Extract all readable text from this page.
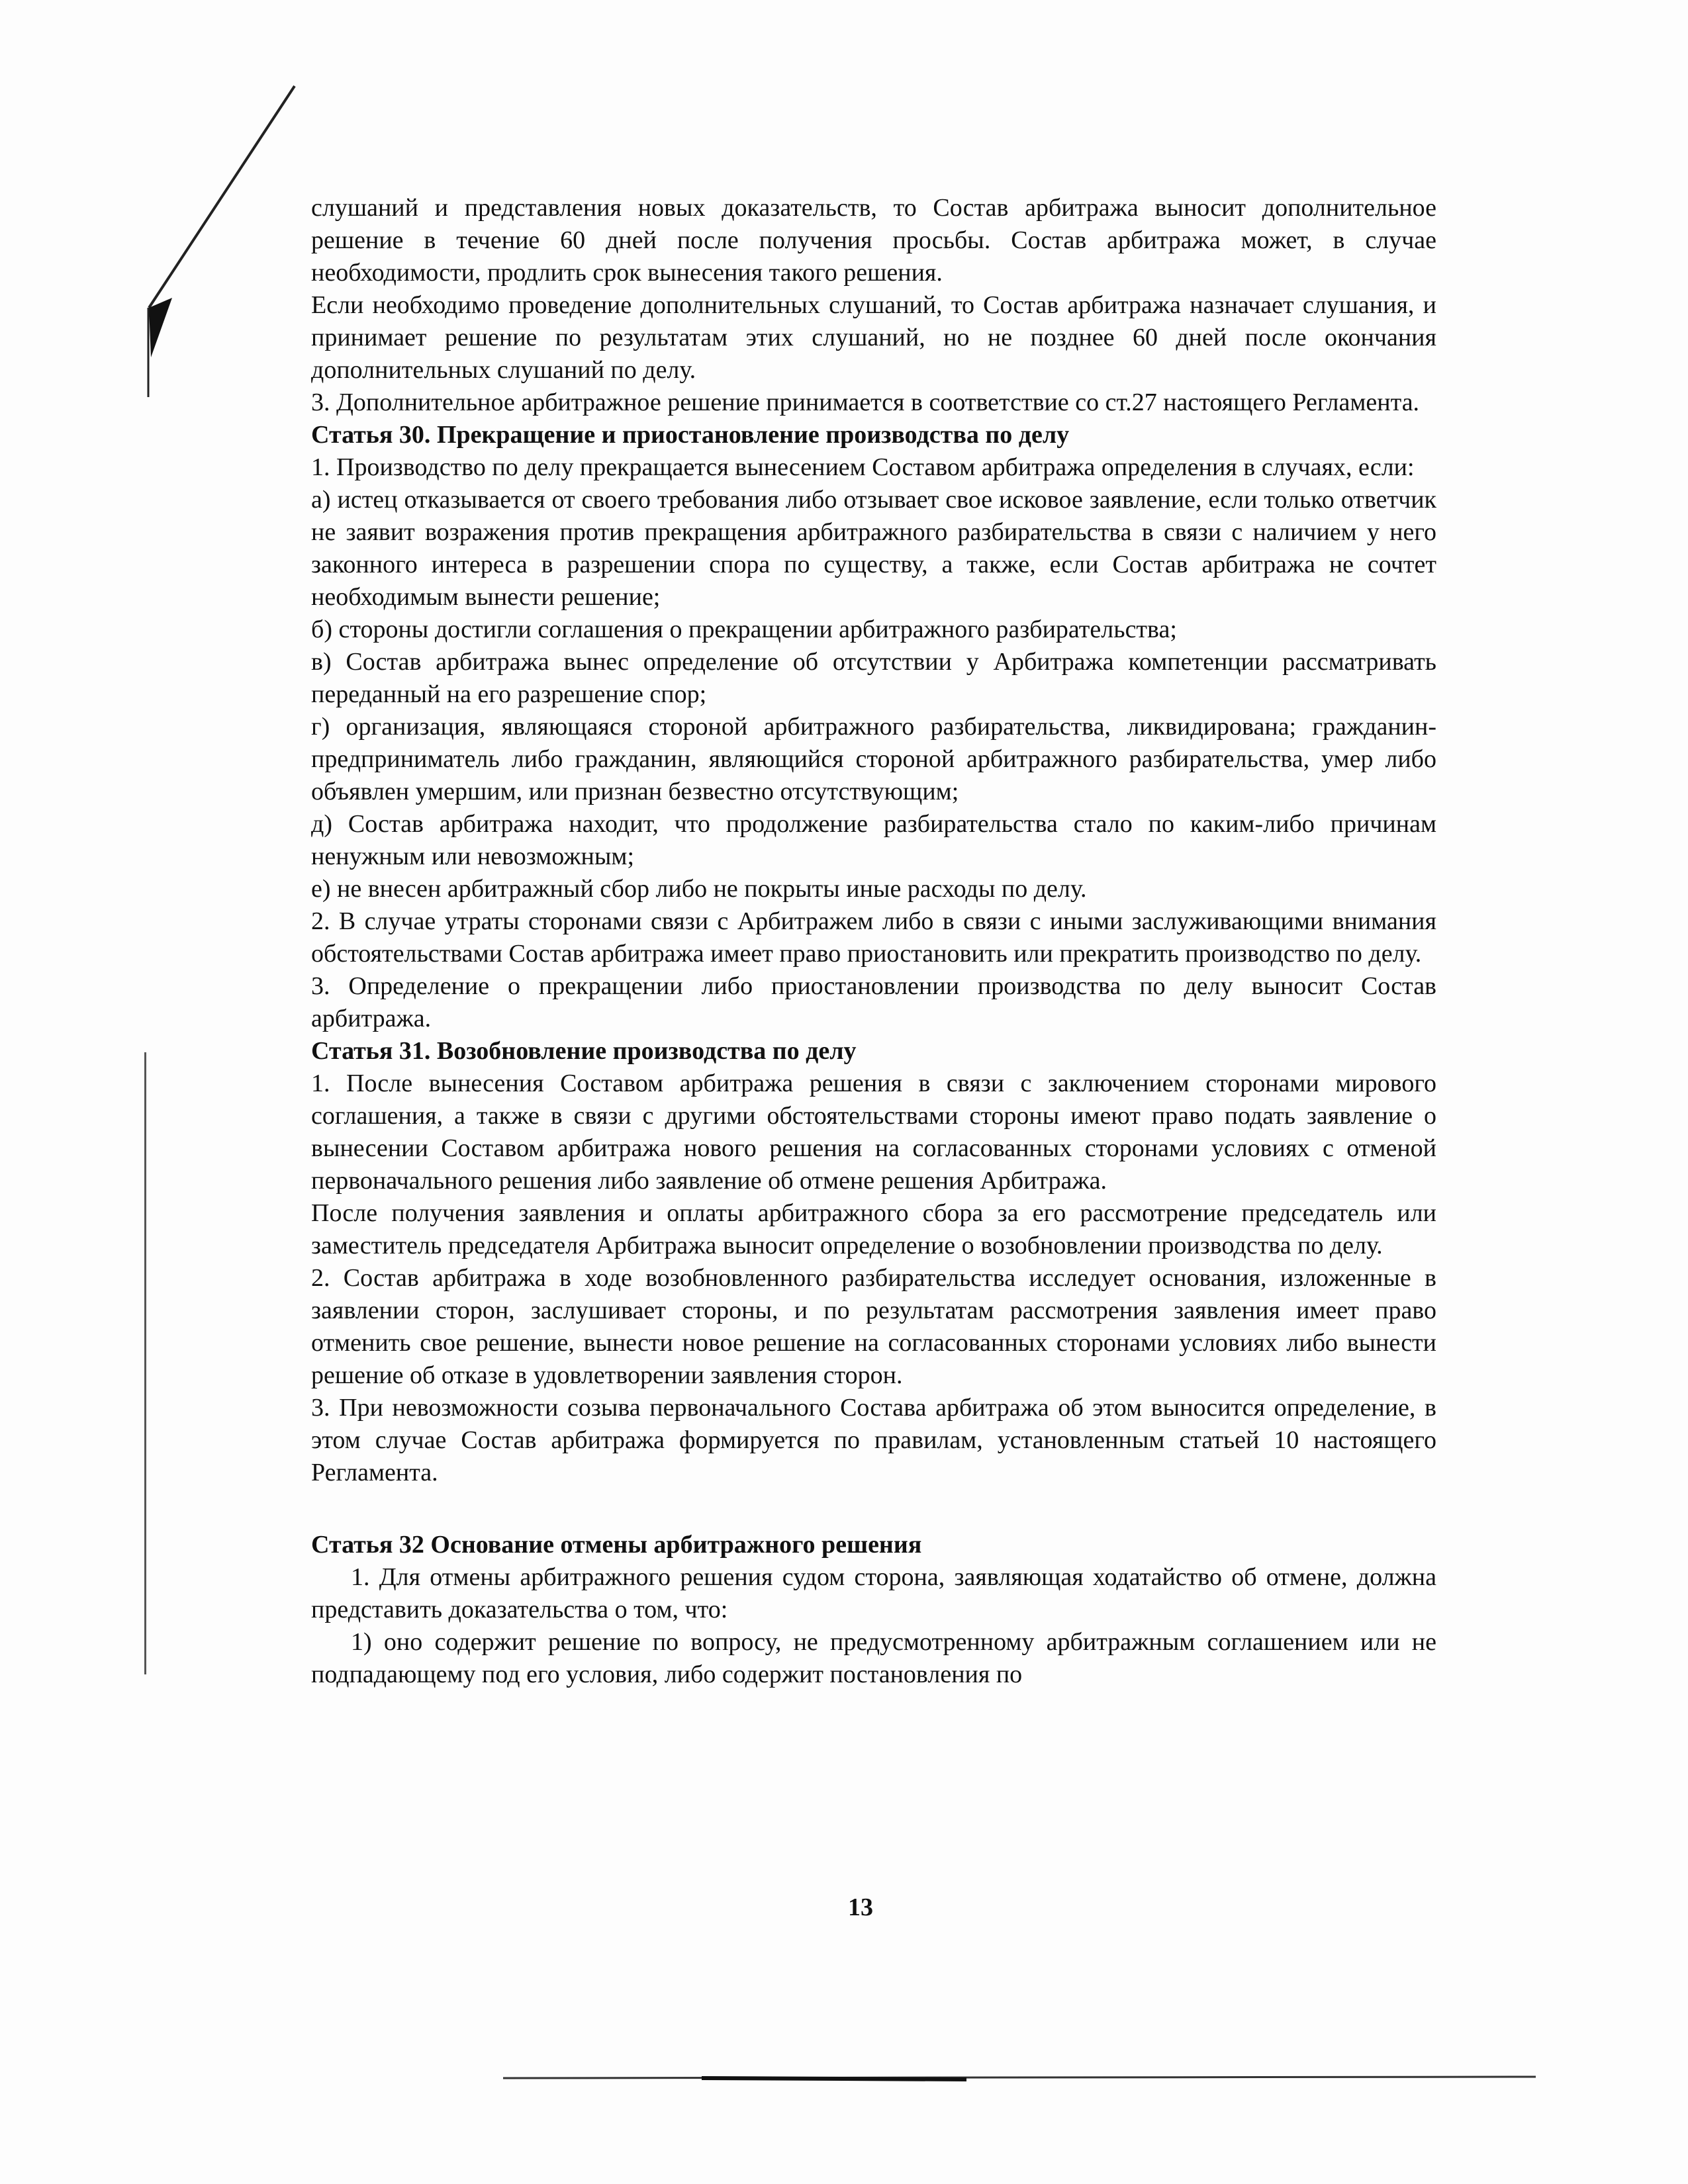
слушаний и представления новых доказательств, то Состав арбитража выносит дополнительное решение в течение 60 дней после получения просьбы. Состав арбитража может, в случае необходимости, продлить срок вынесения такого решения.

Если необходимо проведение дополнительных слушаний, то Состав арбитража назначает слушания, и принимает решение по результатам этих слушаний, но не позднее 60 дней после окончания дополнительных слушаний по делу.

3. Дополнительное арбитражное решение принимается в соответствие со ст.27 настоящего Регламента.

Статья 30. Прекращение и приостановление производства по делу

1. Производство по делу прекращается вынесением Составом арбитража определения в случаях, если:

а) истец отказывается от своего требования либо отзывает свое исковое заявление, если только ответчик не заявит возражения против прекращения арбитражного разбирательства в связи с наличием у него законного интереса в разрешении спора по существу, а также, если Состав арбитража не сочтет необходимым вынести решение;

б) стороны достигли соглашения о прекращении арбитражного разбирательства;

в) Состав арбитража вынес определение об отсутствии у Арбитража компетенции рассматривать переданный на его разрешение спор;

г) организация, являющаяся стороной арбитражного разбирательства, ликвидирована; гражданин-предприниматель либо гражданин, являющийся стороной арбитражного разбирательства, умер либо объявлен умершим, или признан безвестно отсутствующим;

д) Состав арбитража находит, что продолжение разбирательства стало по каким-либо причинам ненужным или невозможным;

е) не внесен арбитражный сбор либо не покрыты иные расходы по делу.

2. В случае утраты сторонами связи с Арбитражем либо в связи с иными заслуживающими внимания обстоятельствами Состав арбитража имеет право приостановить или прекратить производство по делу.

3. Определение о прекращении либо приостановлении производства по делу выносит Состав арбитража.

Статья 31. Возобновление производства по делу

1. После вынесения Составом арбитража решения в связи с заключением сторонами мирового соглашения, а также в связи с другими обстоятельствами стороны имеют право подать заявление о вынесении Составом арбитража нового решения на согласованных сторонами условиях с отменой первоначального решения либо заявление об отмене решения Арбитража.

После получения заявления и оплаты арбитражного сбора за его рассмотрение председатель или заместитель председателя Арбитража выносит определение о возобновлении производства по делу.

2. Состав арбитража в ходе возобновленного разбирательства исследует основания, изложенные в заявлении сторон, заслушивает стороны, и по результатам рассмотрения заявления имеет право отменить свое решение, вынести новое решение на согласованных сторонами условиях либо вынести решение об отказе в удовлетворении заявления сторон.

3. При невозможности созыва первоначального Состава арбитража об этом выносится определение, в этом случае Состав арбитража формируется по правилам, установленным статьей 10 настоящего Регламента.

Статья 32 Основание отмены арбитражного решения

1. Для отмены арбитражного решения судом сторона, заявляющая ходатайство об отмене, должна представить доказательства о том, что:

1) оно содержит решение по вопросу, не предусмотренному арбитражным соглашением или не подпадающему под его условия, либо содержит постановления по

13
